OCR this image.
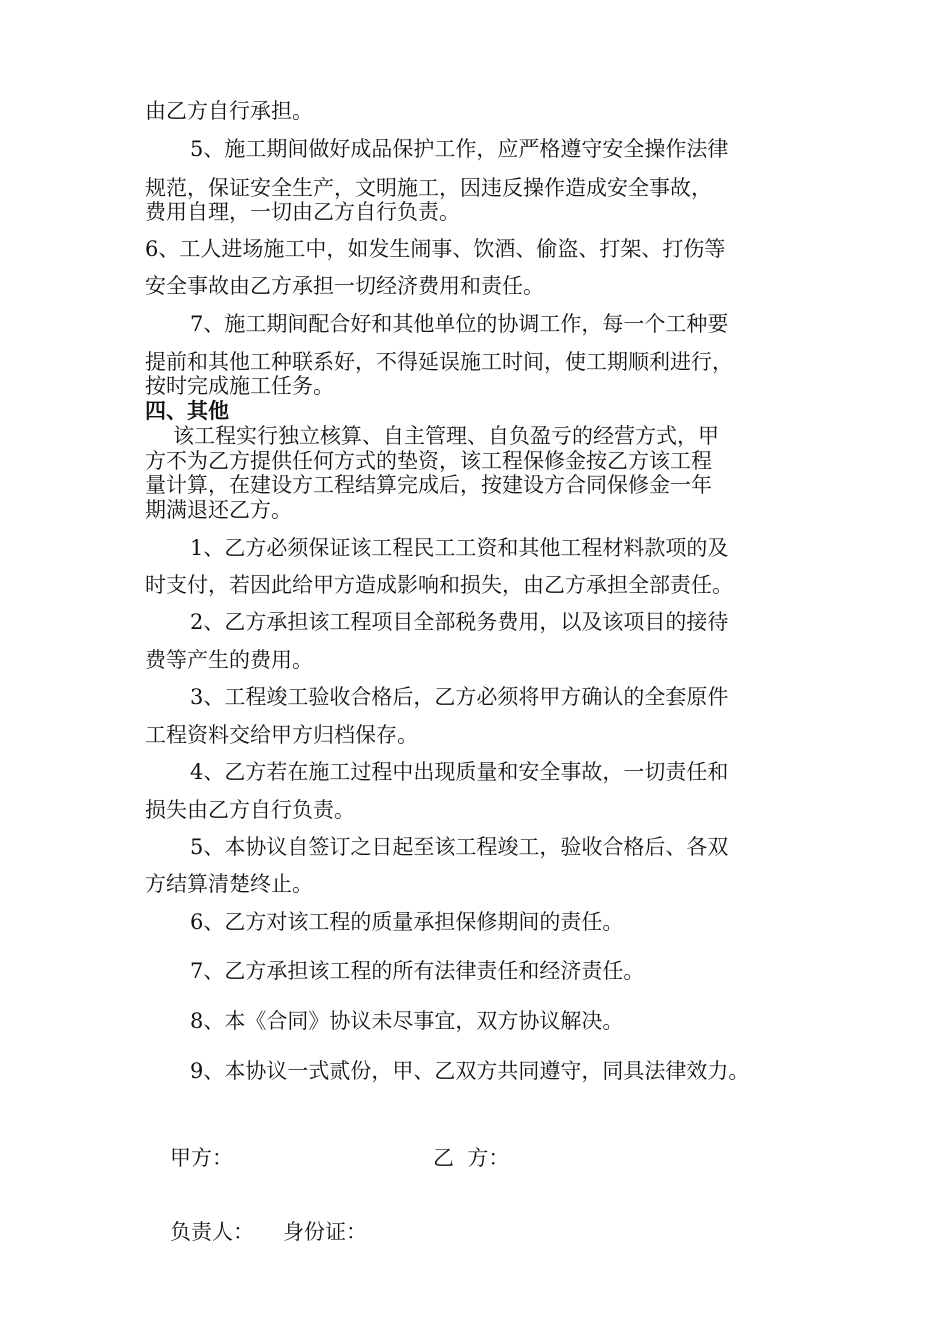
由乙方自行承担。
5、施工期间做好成品保护工作，应严格遵守安全操作法律
规范，保证安全生产，文明施工，因违反操作造成安全事故，
费用自理，一切由乙方自行负责。
6、工人进场施工中，如发生闹事、饮酒、偷盗、打架、打伤等
安全事故由乙方承担一切经济费用和责任。
7、施工期间配合好和其他单位的协调工作，每一个工种要
提前和其他工种联系好，不得延误施工时间，使工期顺利进行，
按时完成施工任务。
四、其他
该工程实行独立核算、自主管理、自负盈亏的经营方式，甲
方不为乙方提供任何方式的垫资，该工程保修金按乙方该工程
量计算，在建设方工程结算完成后，按建设方合同保修金一年
期满退还乙方。
1、乙方必须保证该工程民工工资和其他工程材料款项的及
时支付，若因此给甲方造成影响和损失，由乙方承担全部责任。
2、乙方承担该工程项目全部税务费用，以及该项目的接待
费等产生的费用。
3、工程竣工验收合格后，乙方必须将甲方确认的全套原件
工程资料交给甲方归档保存。
4、乙方若在施工过程中出现质量和安全事故，一切责任和
损失由乙方自行负责。
5、本协议自签订之日起至该工程竣工，验收合格后、各双
方结算清楚终止。
6、乙方对该工程的质量承担保修期间的责任。
7、乙方承担该工程的所有法律责任和经济责任。
8、本《合同》协议未尽事宜，双方协议解决。
9、本协议一式贰份，甲、乙双方共同遵守，同具法律效力。
甲方：	乙  方：
负责人： 身份证：
